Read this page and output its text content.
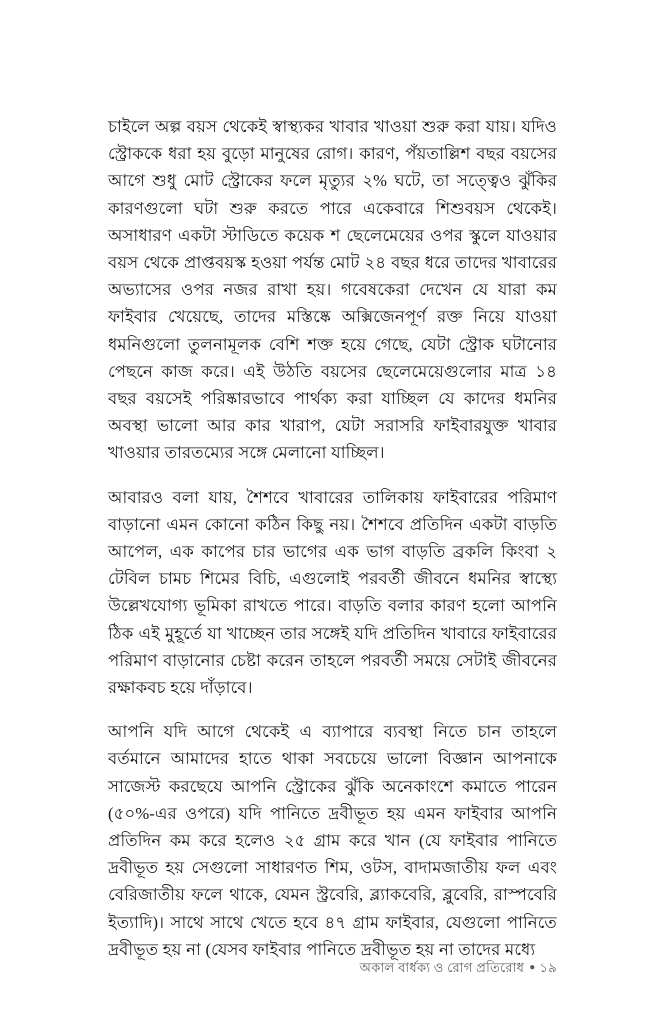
চাইলে অল্প বয়স থেকেই স্বাস্থ্যকর খাবার খাওয়া শুরু করা যায়। যদিও স্ট্রোককে ধরা হয় বুড়ো মানুষের রোগ। কারণ, পঁয়তাল্লিশ বছর বয়সের আগে শুধু মোট স্ট্রোকের ফলে মৃত্যুর ২% ঘটে, তা সত্ত্বেও ঝুঁকির কারণগুলো ঘটা শুরু করতে পারে একেবারে শিশুবয়স থেকেই। অসাধারণ একটা স্টাডিতে কয়েক শ ছেলেমেয়ের ওপর স্কুলে যাওয়ার বয়স থেকে প্রাপ্তবয়স্ক হওয়া পর্যন্ত মোট ২৪ বছর ধরে তাদের খাবারের অভ্যাসের ওপর নজর রাখা হয়। গবেষকেরা দেখেন যে যারা কম ফাইবার খেয়েছে, তাদের মস্তিষ্কে অক্সিজেনপূর্ণ রক্ত নিয়ে যাওয়া ধমনিগুলো তুলনামূলক বেশি শক্ত হয়ে গেছে, যেটা স্ট্রোক ঘটানোর পেছনে কাজ করে। এই উঠতি বয়সের ছেলেমেয়েগুলোর মাত্র ১৪ বছর বয়সেই পরিষ্কারভাবে পার্থক্য করা যাচ্ছিল যে কাদের ধমনির অবস্থা ভালো আর কার খারাপ, যেটা সরাসরি ফাইবারযুক্ত খাবার খাওয়ার তারতম্যের সঙ্গে মেলানো যাচ্ছিল।

আবারও বলা যায়, শৈশবে খাবারের তালিকায় ফাইবারের পরিমাণ বাড়ানো এমন কোনো কঠিন কিছু নয়। শৈশবে প্রতিদিন একটা বাড়তি আপেল, এক কাপের চার ভাগের এক ভাগ বাড়তি ব্রকলি কিংবা ২ টেবিল চামচ শিমের বিচি, এগুলোই পরবর্তী জীবনে ধমনির স্বাস্থ্যে উল্লেখযোগ্য ভূমিকা রাখতে পারে। বাড়তি বলার কারণ হলো আপনি ঠিক এই মুহূর্তে যা খাচ্ছেন তার সঙ্গেই যদি প্রতিদিন খাবারে ফাইবারের পরিমাণ বাড়ানোর চেষ্টা করেন তাহলে পরবর্তী সময়ে সেটাই জীবনের রক্ষাকবচ হয়ে দাঁড়াবে।

আপনি যদি আগে থেকেই এ ব্যাপারে ব্যবস্থা নিতে চান তাহলে বর্তমানে আমাদের হাতে থাকা সবচেয়ে ভালো বিজ্ঞান আপনাকে সাজেস্ট করছেযে আপনি স্ট্রোকের ঝুঁকি অনেকাংশে কমাতে পারেন (৫০%-এর ওপরে) যদি পানিতে দ্রবীভূত হয় এমন ফাইবার আপনি প্রতিদিন কম করে হলেও ২৫ গ্রাম করে খান (যে ফাইবার পানিতে দ্রবীভূত হয় সেগুলো সাধারণত শিম, ওটস, বাদামজাতীয় ফল এবং বেরিজাতীয় ফলে থাকে, যেমন স্ট্রবেরি, ব্ল্যাকবেরি, ব্লুবেরি, রাস্পবেরি ইত্যাদি)। সাথে সাথে খেতে হবে ৪৭ গ্রাম ফাইবার, যেগুলো পানিতে দ্রবীভূত হয় না (যেসব ফাইবার পানিতে দ্রবীভূত হয় না তাদের মধ্যে

অকাল বার্ধক্য ও রোগ প্রতিরোধ ● ১৯
